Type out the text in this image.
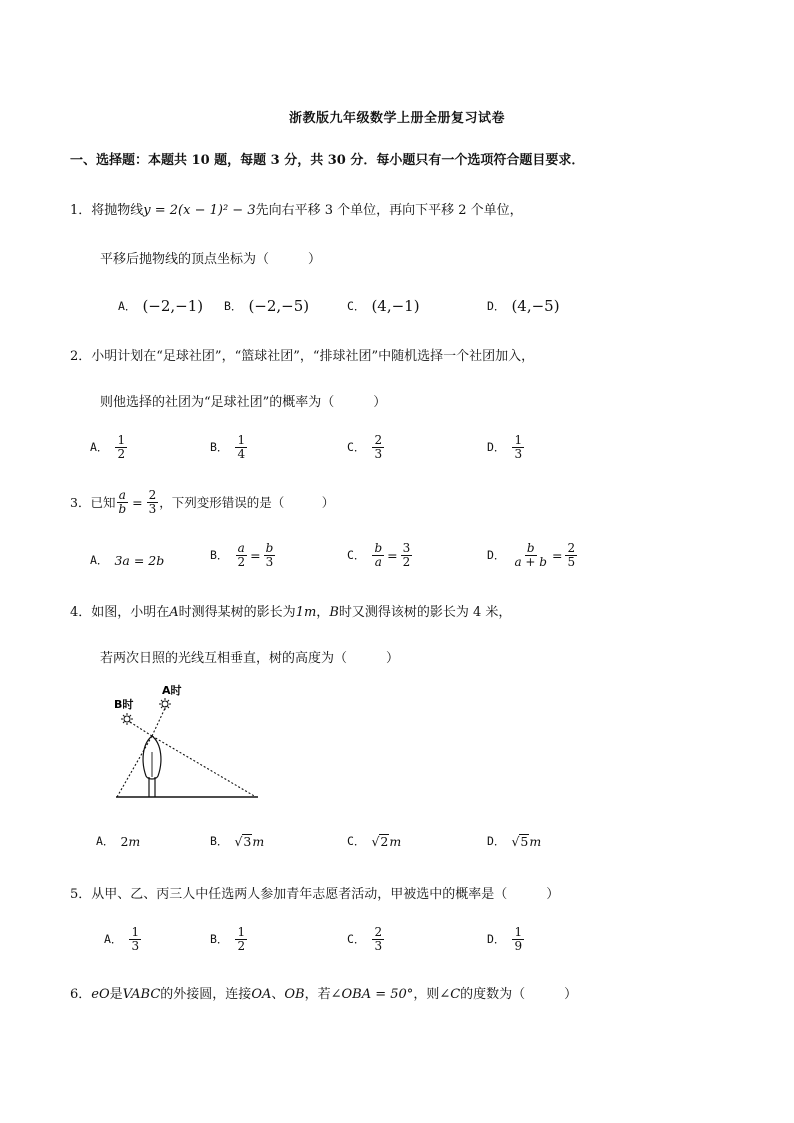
浙教版九年级数学上册全册复习试卷
一、选择题：本题共 10 题，每题 3 分，共 30 分．每小题只有一个选项符合题目要求．
1．将抛物线y = 2(x − 1)² − 3先向右平移 3 个单位，再向下平移 2 个单位，
平移后抛物线的顶点坐标为（　　　）
A． (−2,−1) B． (−2,−5)	C． (4,−1)	D． (4,−5)
2．小明计划在“足球社团”，“篮球社团”，“排球社团”中随机选择一个社团加入，
则他选择的社团为“足球社团”的概率为（　　　）
A． $\frac{1}{2}$	B． $\frac{1}{4}$	C． $\frac{2}{3}$	D． $\frac{1}{3}$
3．已知 $\frac{a}{b} = \frac{2}{3}$ ，下列变形错误的是（　　　）
A． 3a = 2b	B． $\frac{a}{2} = \frac{b}{3}$	C． $\frac{b}{a} = \frac{3}{2}$	D． $\frac{b}{a + b} = \frac{2}{5}$
4．如图，小明在A时测得某树的影长为1m，B时又测得该树的影长为 4 米，
若两次日照的光线互相垂直，树的高度为（　　　）
B时
A时
A． 2 m	B． √ 3 m	C． √ 2 m	D． √ 5 m
5．从甲、乙、丙三人中任选两人参加青年志愿者活动，甲被选中的概率是（　　　）
A． $\frac{1}{3}$	B． $\frac{1}{2}$	C． $\frac{2}{3}$	D． $\frac{1}{9}$
6．eO是VABC的外接圆，连接OA、OB，若∠OBA = 50°，则∠C的度数为（　　　）
